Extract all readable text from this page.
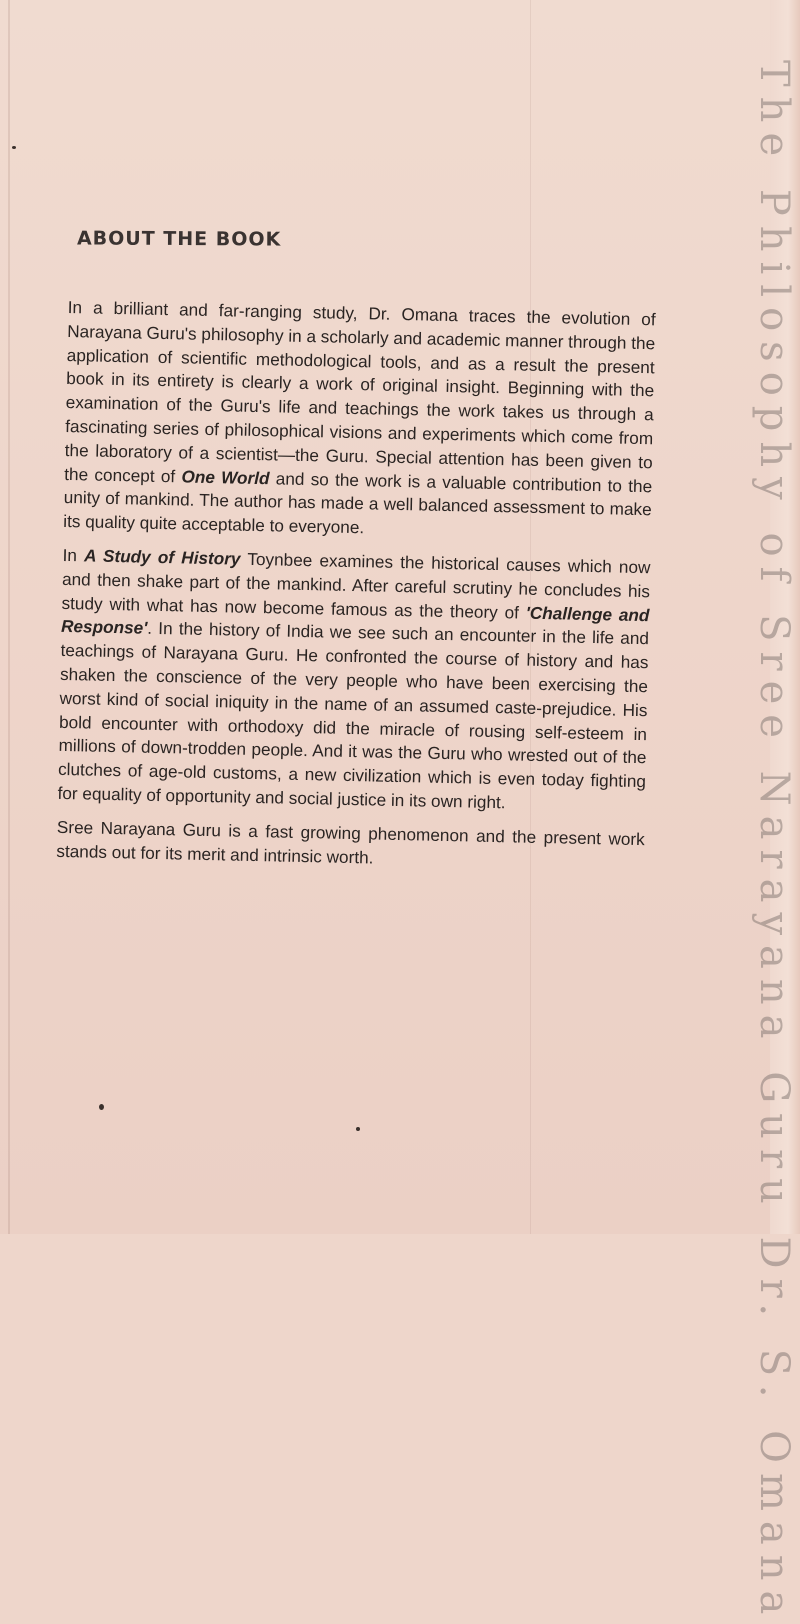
The Philosophy of Sree Narayana Guru Dr. S. Omana
ABOUT THE BOOK

In a brilliant and far-ranging study, Dr. Omana traces the evolution of Narayana Guru's philosophy in a scholarly and academic manner through the application of scientific methodological tools, and as a result the present book in its entirety is clearly a work of original insight. Beginning with the examination of the Guru's life and teachings the work takes us through a fascinating series of philosophical visions and experiments which come from the laboratory of a scientist—the Guru. Special attention has been given to the concept of One World and so the work is a valuable contribution to the unity of mankind. The author has made a well balanced assessment to make its quality quite acceptable to everyone.

In A Study of History Toynbee examines the historical causes which now and then shake part of the mankind. After careful scrutiny he concludes his study with what has now become famous as the theory of 'Challenge and Response'. In the history of India we see such an encounter in the life and teachings of Narayana Guru. He confronted the course of history and has shaken the conscience of the very people who have been exercising the worst kind of social iniquity in the name of an assumed caste-prejudice. His bold encounter with orthodoxy did the miracle of rousing self-esteem in millions of down-trodden people. And it was the Guru who wrested out of the clutches of age-old customs, a new civilization which is even today fighting for equality of opportunity and social justice in its own right.

Sree Narayana Guru is a fast growing phenomenon and the present work stands out for its merit and intrinsic worth.
